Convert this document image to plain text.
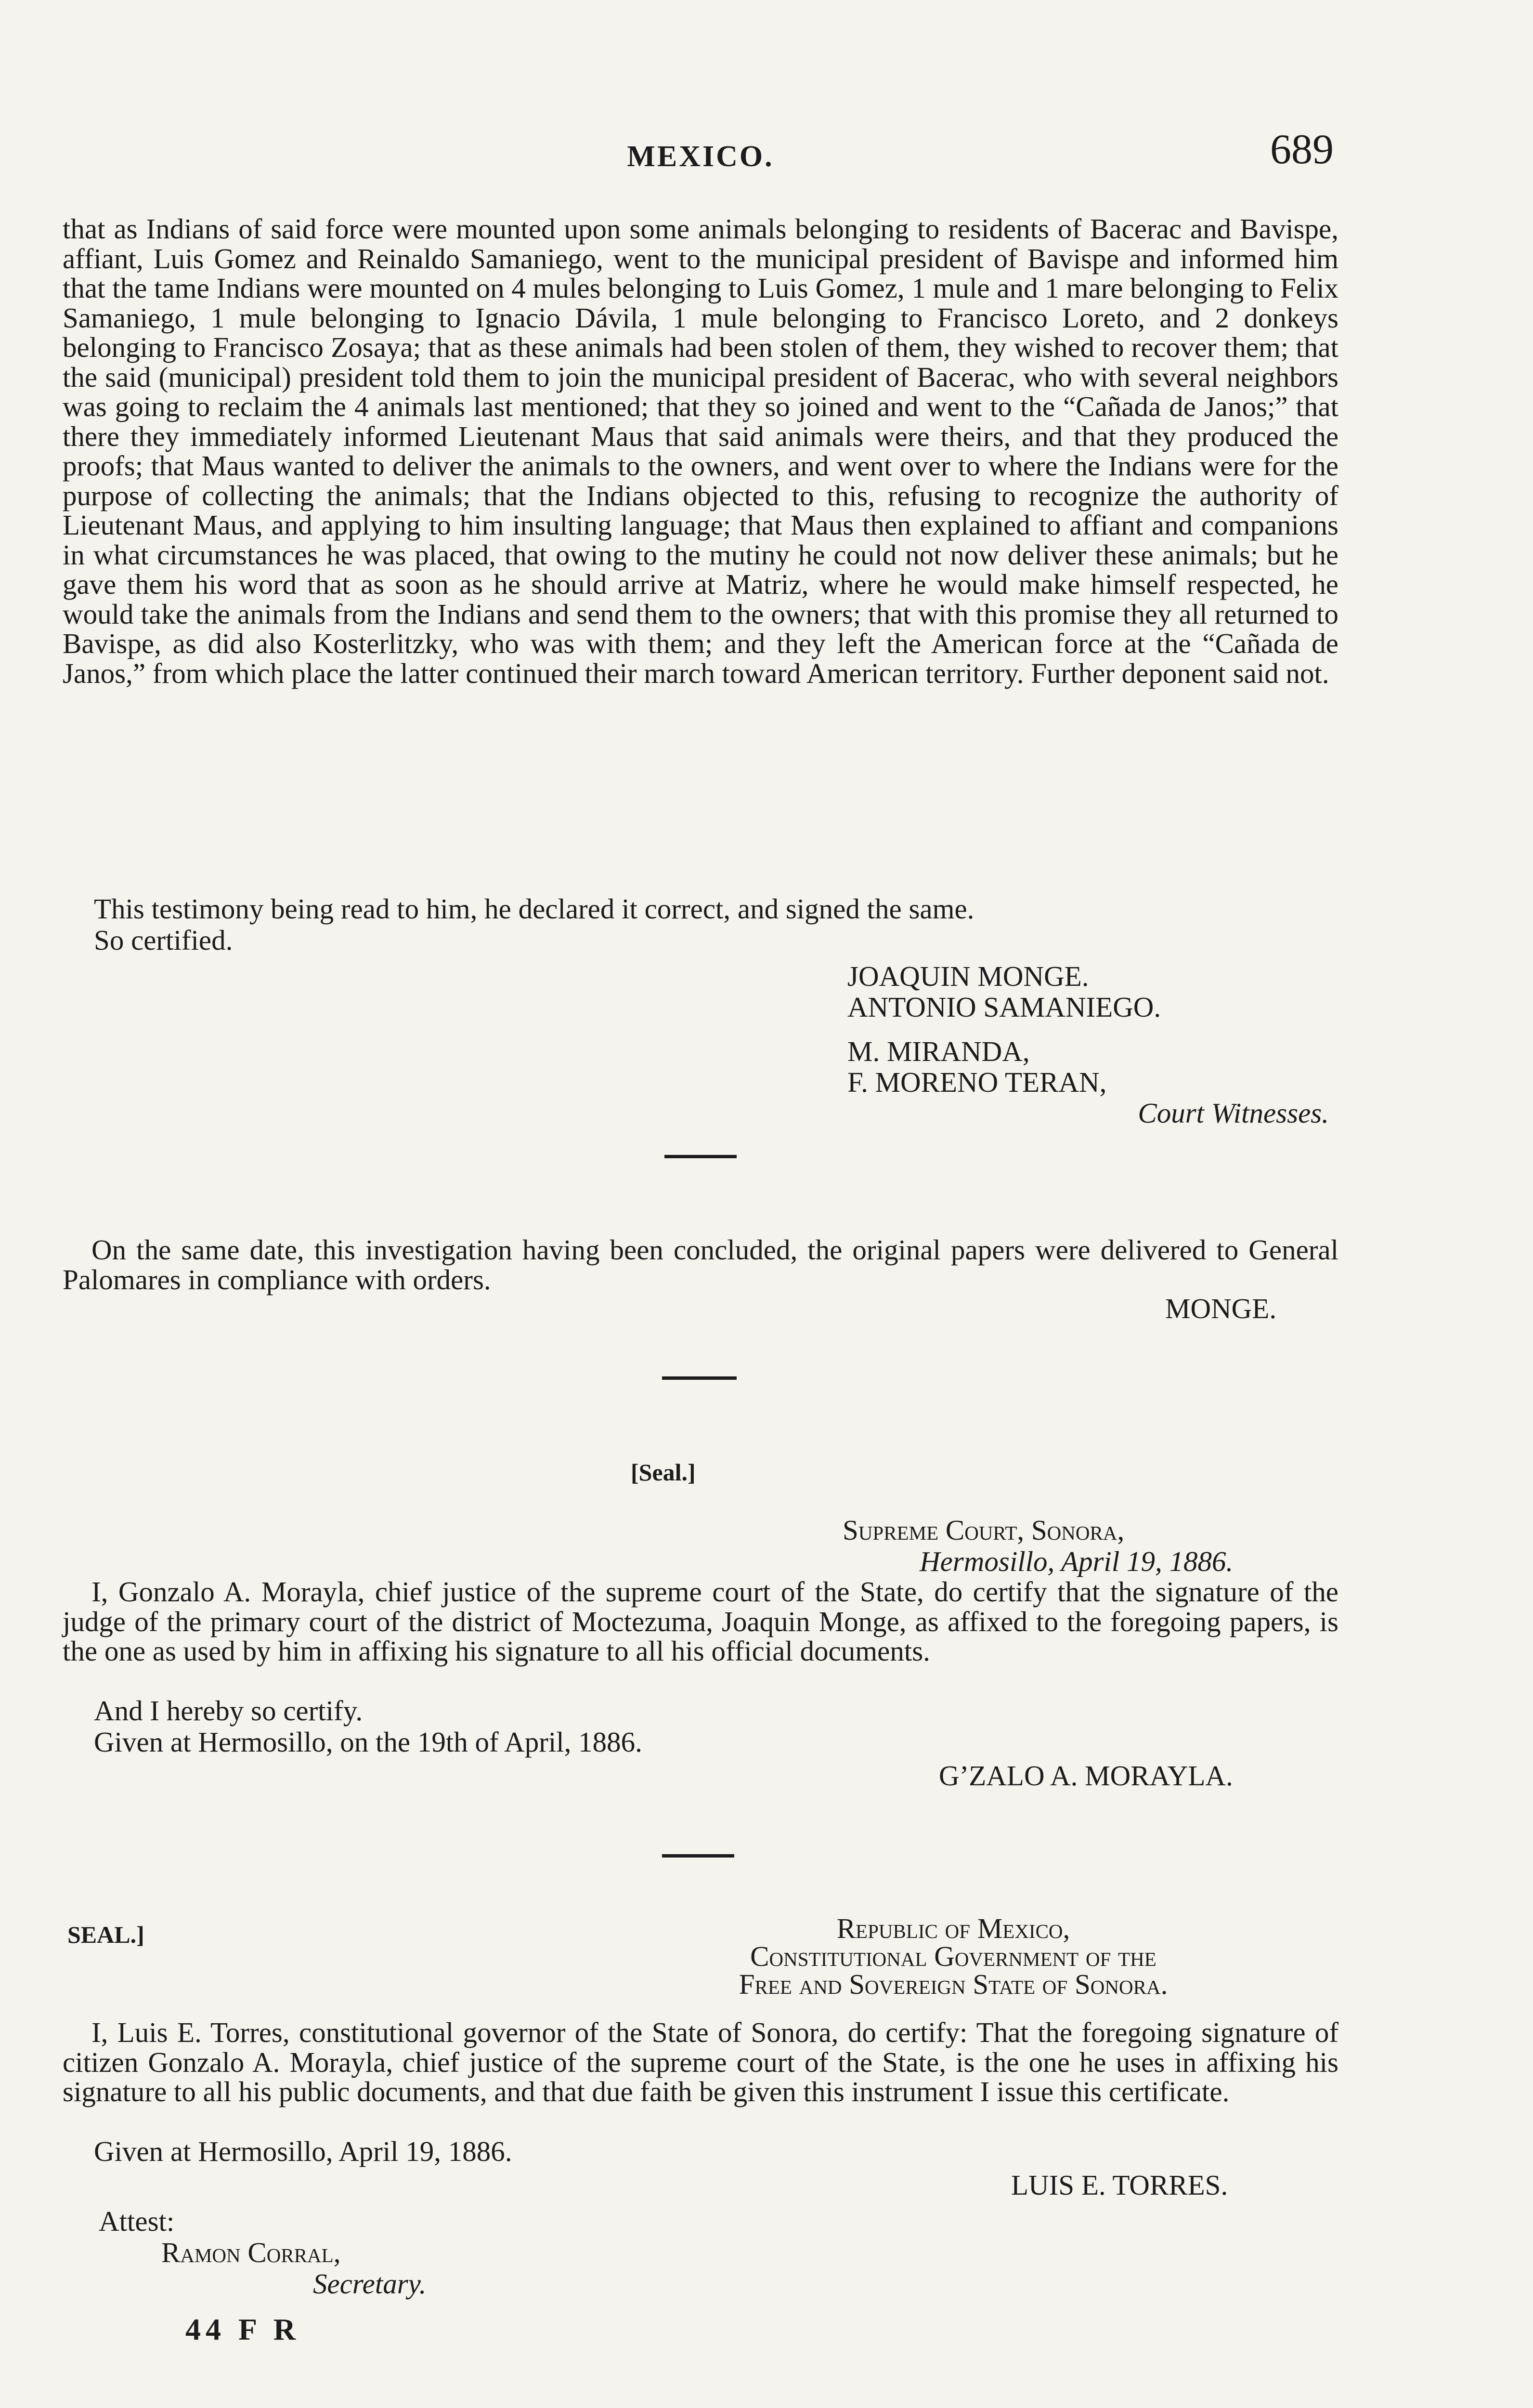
MEXICO.	689

that as Indians of said force were mounted upon some animals belonging to residents of Bacerac and Bavispe, affiant, Luis Gomez and Reinaldo Samaniego, went to the municipal president of Bavispe and informed him that the tame Indians were mounted on 4 mules belonging to Luis Gomez, 1 mule and 1 mare belonging to Felix Samaniego, 1 mule belonging to Ignacio Dávila, 1 mule belonging to Francisco Loreto, and 2 donkeys belonging to Francisco Zosaya; that as these animals had been stolen of them, they wished to recover them; that the said (municipal) president told them to join the municipal president of Bacerac, who with several neighbors was going to reclaim the 4 animals last mentioned; that they so joined and went to the “Cañada de Janos;” that there they immediately informed Lieutenant Maus that said animals were theirs, and that they produced the proofs; that Maus wanted to deliver the animals to the owners, and went over to where the Indians were for the purpose of collecting the animals; that the Indians objected to this, refusing to recognize the authority of Lieutenant Maus, and applying to him insulting language; that Maus then explained to affiant and companions in what circumstances he was placed, that owing to the mutiny he could not now deliver these animals; but he gave them his word that as soon as he should arrive at Matriz, where he would make himself respected, he would take the animals from the Indians and send them to the owners; that with this promise they all returned to Bavispe, as did also Kosterlitzky, who was with them; and they left the American force at the “Cañada de Janos,” from which place the latter continued their march toward American territory. Further deponent said not.

This testimony being read to him, he declared it correct, and signed the same.

So certified.

JOAQUIN MONGE.

ANTONIO SAMANIEGO.

M. MIRANDA,

F. MORENO TERAN,

Court Witnesses.

On the same date, this investigation having been concluded, the original papers were delivered to General Palomares in compliance with orders.

MONGE.

[Seal.]

Supreme Court, Sonora,

Hermosillo, April 19, 1886.

I, Gonzalo A. Morayla, chief justice of the supreme court of the State, do certify that the signature of the judge of the primary court of the district of Moctezuma, Joaquin Monge, as affixed to the foregoing papers, is the one as used by him in affixing his signature to all his official documents.

And I hereby so certify.

Given at Hermosillo, on the 19th of April, 1886.

G’ZALO A. MORAYLA.

SEAL.]	Republic of Mexico,

Constitutional Government of the

Free and Sovereign State of Sonora.

I, Luis E. Torres, constitutional governor of the State of Sonora, do certify: That the foregoing signature of citizen Gonzalo A. Morayla, chief justice of the supreme court of the State, is the one he uses in affixing his signature to all his public documents, and that due faith be given this instrument I issue this certificate.

Given at Hermosillo, April 19, 1886.

LUIS E. TORRES.

Attest:

Ramon Corral,

Secretary.

44 F R
